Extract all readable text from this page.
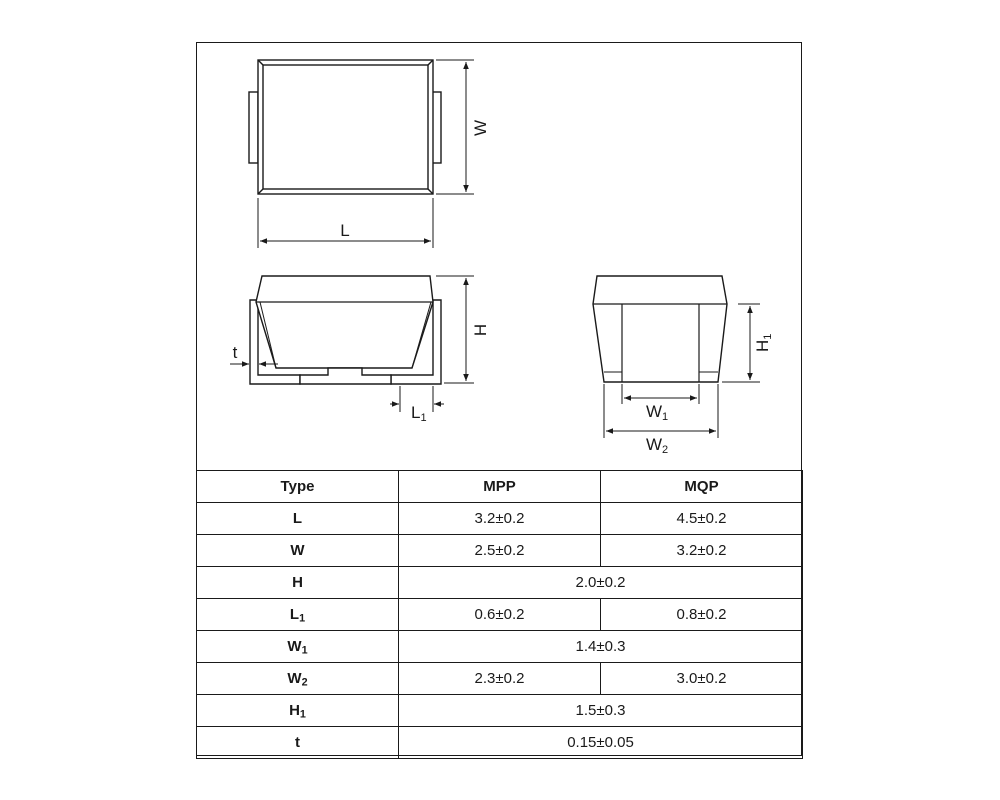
W
L
H
t
L1
H1
W1
W2
Type	MPP	MQP
L	3.2±0.2	4.5±0.2
W	2.5±0.2	3.2±0.2
H	2.0±0.2	
$L_1$	0.6±0.2	0.8±0.2
$W_1$	1.4±0.3	
$W_2$	2.3±0.2	3.0±0.2
$H_1$	1.5±0.3	
t	0.15±0.05	
